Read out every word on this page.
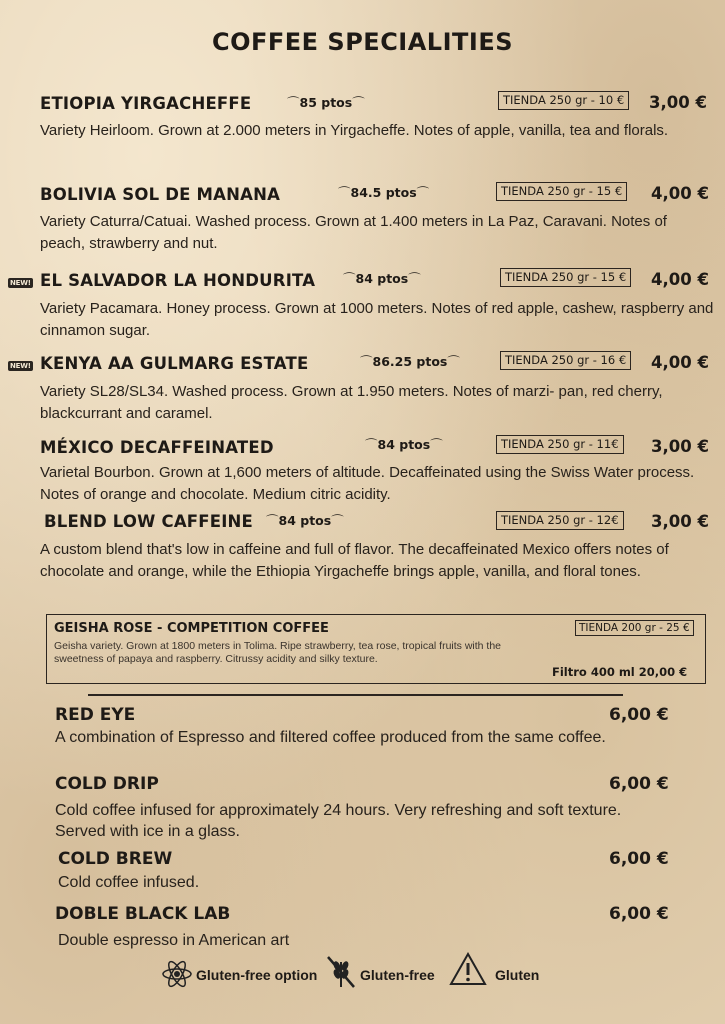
COFFEE SPECIALITIES
ETIOPIA YIRGACHEFFE	⌒85 ptos⌒	TIENDA 250 gr - 10 €	3,00 €
Variety Heirloom. Grown at 2.000 meters in Yirgacheffe. Notes of apple, vanilla, tea and florals.
BOLIVIA SOL DE MANANA	⌒84.5 ptos⌒	TIENDA 250 gr - 15 €	4,00 €
Variety Caturra/Catuai. Washed process. Grown at 1.400 meters in La Paz, Caravani. Notes of peach, strawberry and nut.
NEW! EL SALVADOR LA HONDURITA ⌒84 ptos⌒	TIENDA 250 gr - 15 €	4,00 €
Variety Pacamara. Honey process. Grown at 1000 meters. Notes of red apple, cashew, raspberry and cinnamon sugar.
NEW! KENYA AA GULMARG ESTATE	⌒86.25 ptos⌒	TIENDA 250 gr - 16 €	4,00 €
Variety SL28/SL34. Washed process. Grown at 1.950 meters. Notes of marzi- pan, red cherry, blackcurrant and caramel.
MÉXICO DECAFFEINATED	⌒84 ptos⌒	TIENDA 250 gr - 11€	3,00 €
Varietal Bourbon. Grown at 1,600 meters of altitude. Decaffeinated using the Swiss Water process. Notes of orange and chocolate. Medium citric acidity.
BLEND LOW CAFFEINE ⌒84 ptos⌒	TIENDA 250 gr - 12€	3,00 €
A custom blend that's low in caffeine and full of flavor. The decaffeinated Mexico offers notes of chocolate and orange, while the Ethiopia Yirgacheffe brings apple, vanilla, and floral tones.
GEISHA ROSE - COMPETITION COFFEE	TIENDA 200 gr - 25 €
Geisha variety. Grown at 1800 meters in Tolima. Ripe strawberry, tea rose, tropical fruits with the sweetness of papaya and raspberry. Citrussy acidity and silky texture.
Filtro 400 ml 20,00 €
RED EYE	6,00 €
A combination of Espresso and filtered coffee produced from the same coffee.
COLD DRIP	6,00 €
Cold coffee infused for approximately 24 hours. Very refreshing and soft texture. Served with ice in a glass.
COLD BREW	6,00 €
Cold coffee infused.
DOBLE BLACK LAB	6,00 €
Double espresso in American art
Gluten-free option	Gluten-free	Gluten
